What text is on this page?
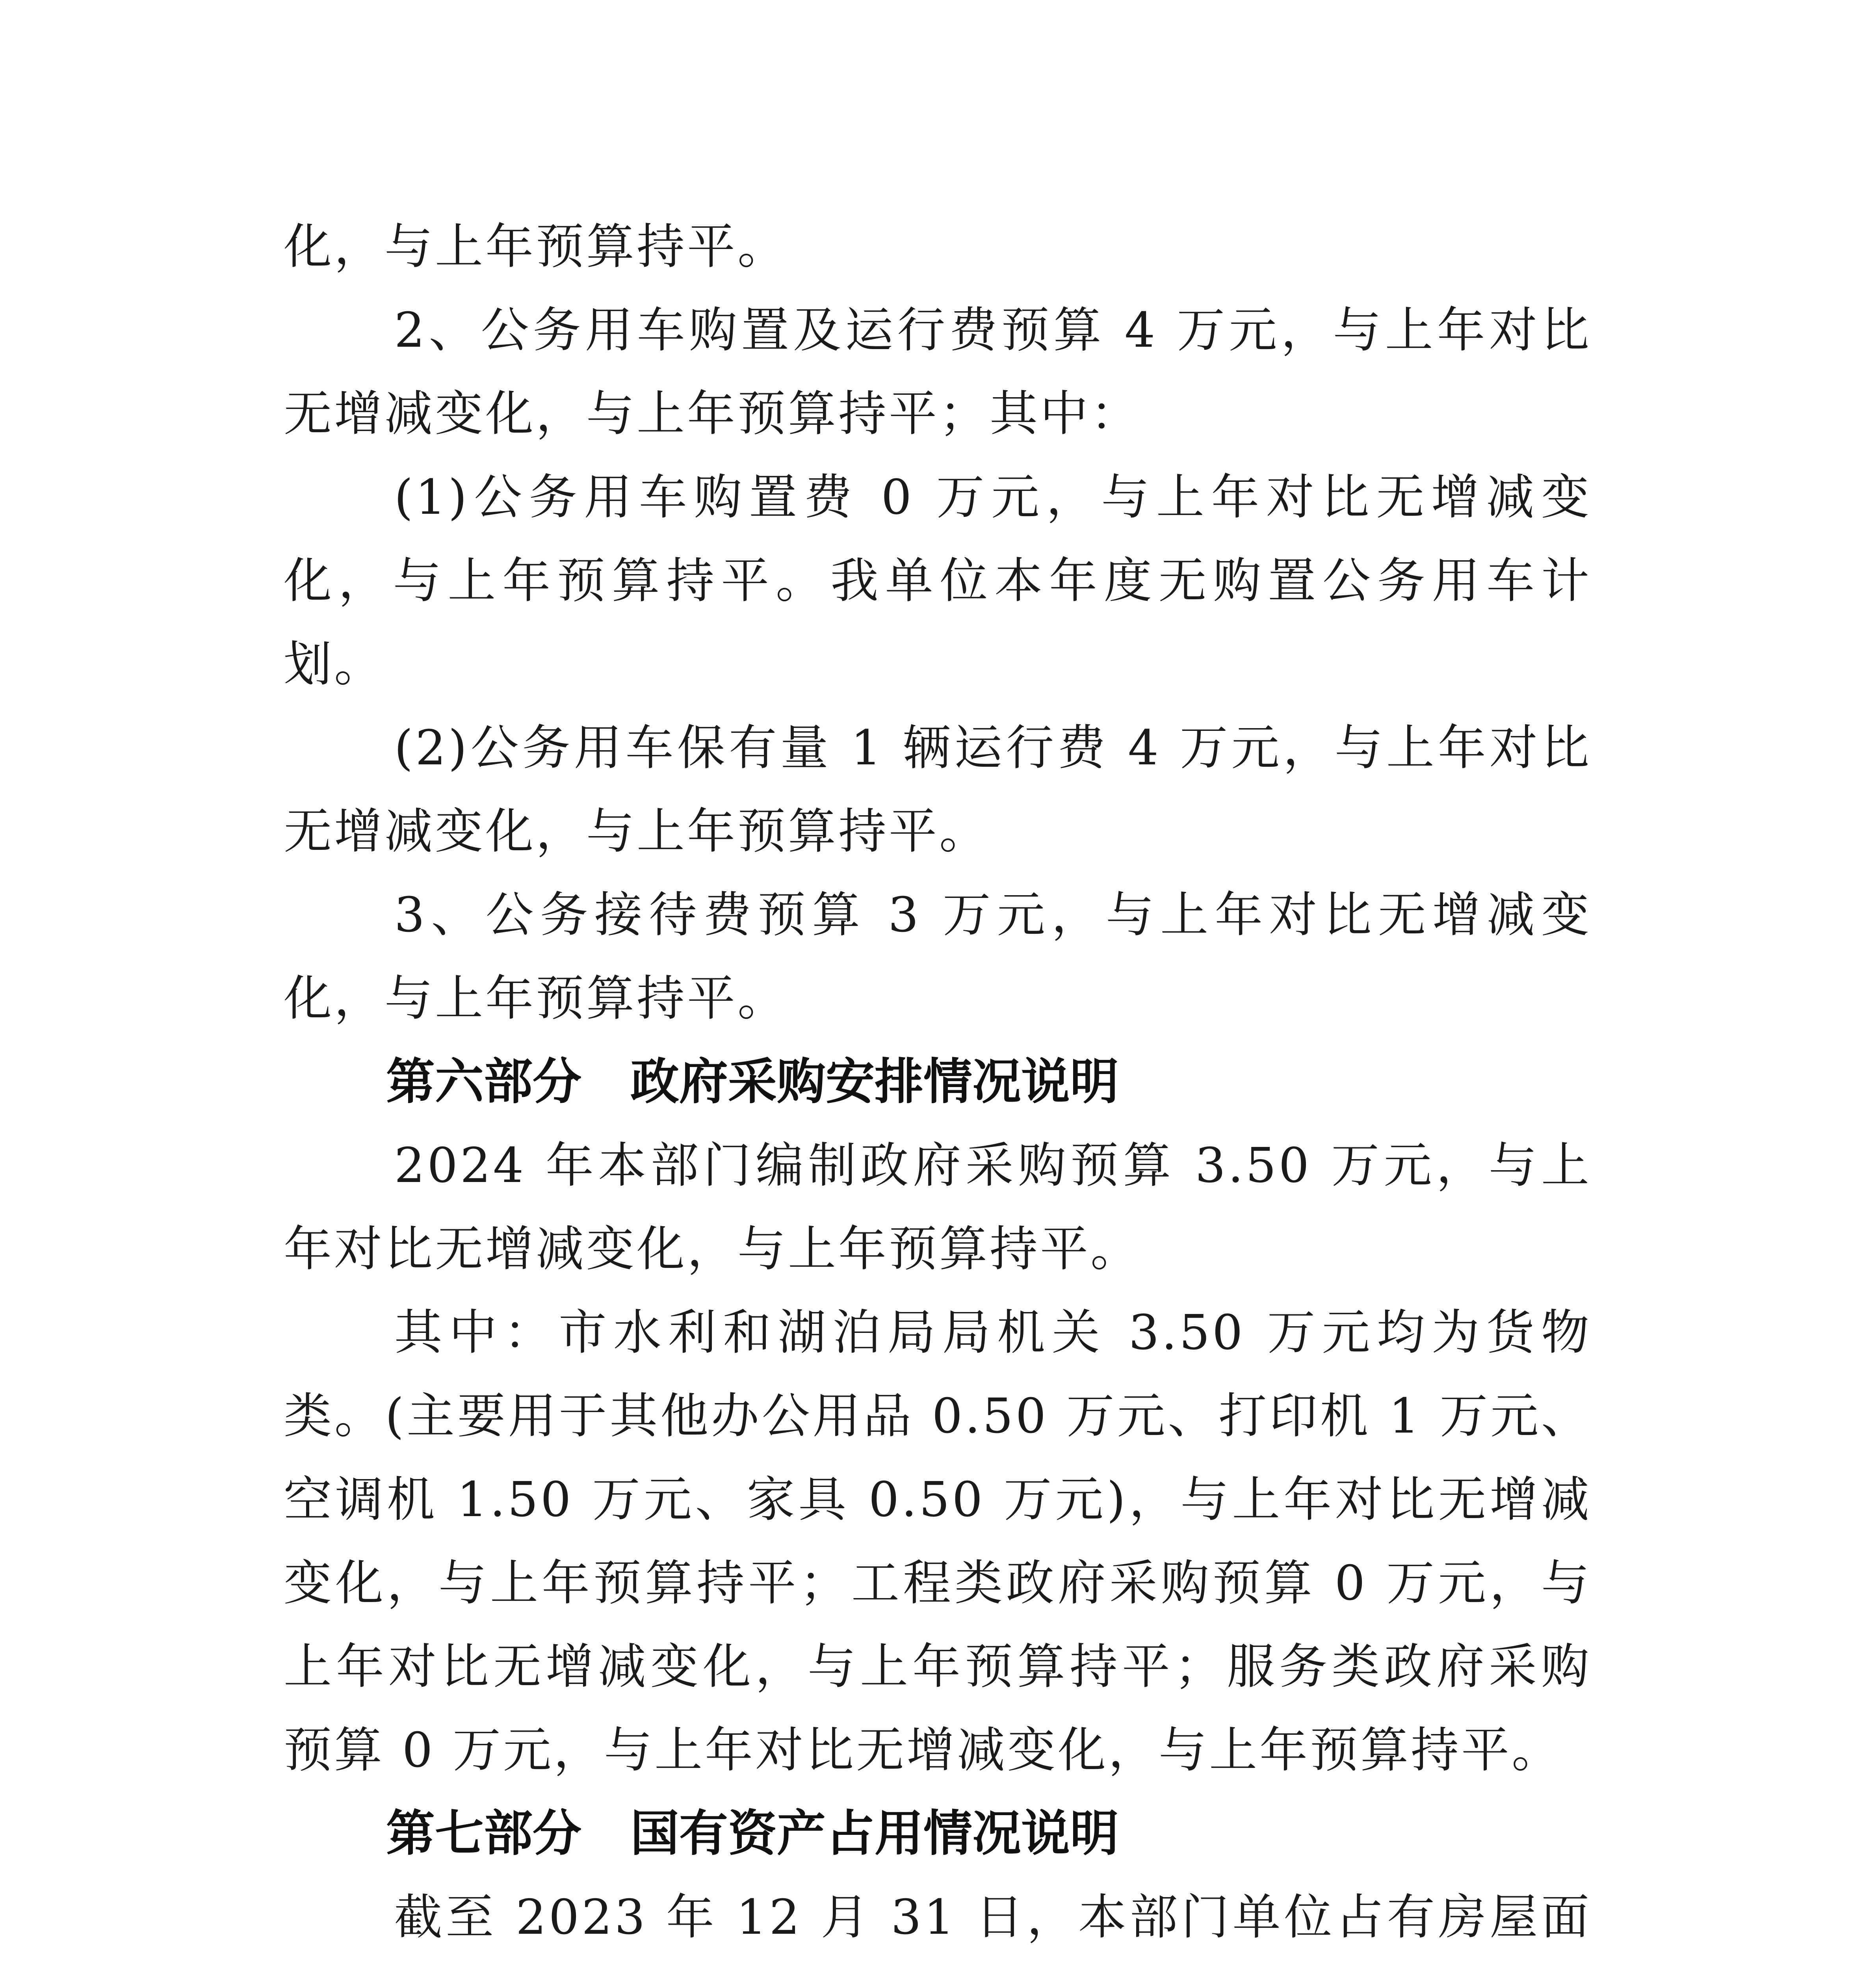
化，与上年预算持平。

2、公务用车购置及运行费预算 4 万元，与上年对比无增减变化，与上年预算持平；其中：

(1)公务用车购置费 0 万元，与上年对比无增减变化，与上年预算持平。我单位本年度无购置公务用车计划。

(2)公务用车保有量 1 辆运行费 4 万元，与上年对比无增减变化，与上年预算持平。

3、公务接待费预算 3 万元，与上年对比无增减变化，与上年预算持平。

第六部分　政府采购安排情况说明

2024 年本部门编制政府采购预算 3.50 万元，与上年对比无增减变化，与上年预算持平。

其中：市水利和湖泊局局机关 3.50 万元均为货物类。(主要用于其他办公用品 0.50 万元、打印机 1 万元、空调机 1.50 万元、家具 0.50 万元)，与上年对比无增减变化，与上年预算持平；工程类政府采购预算 0 万元，与上年对比无增减变化，与上年预算持平；服务类政府采购预算 0 万元，与上年对比无增减变化，与上年预算持平。

第七部分　国有资产占用情况说明

截至 2023 年 12 月 31 日，本部门单位占有房屋面
